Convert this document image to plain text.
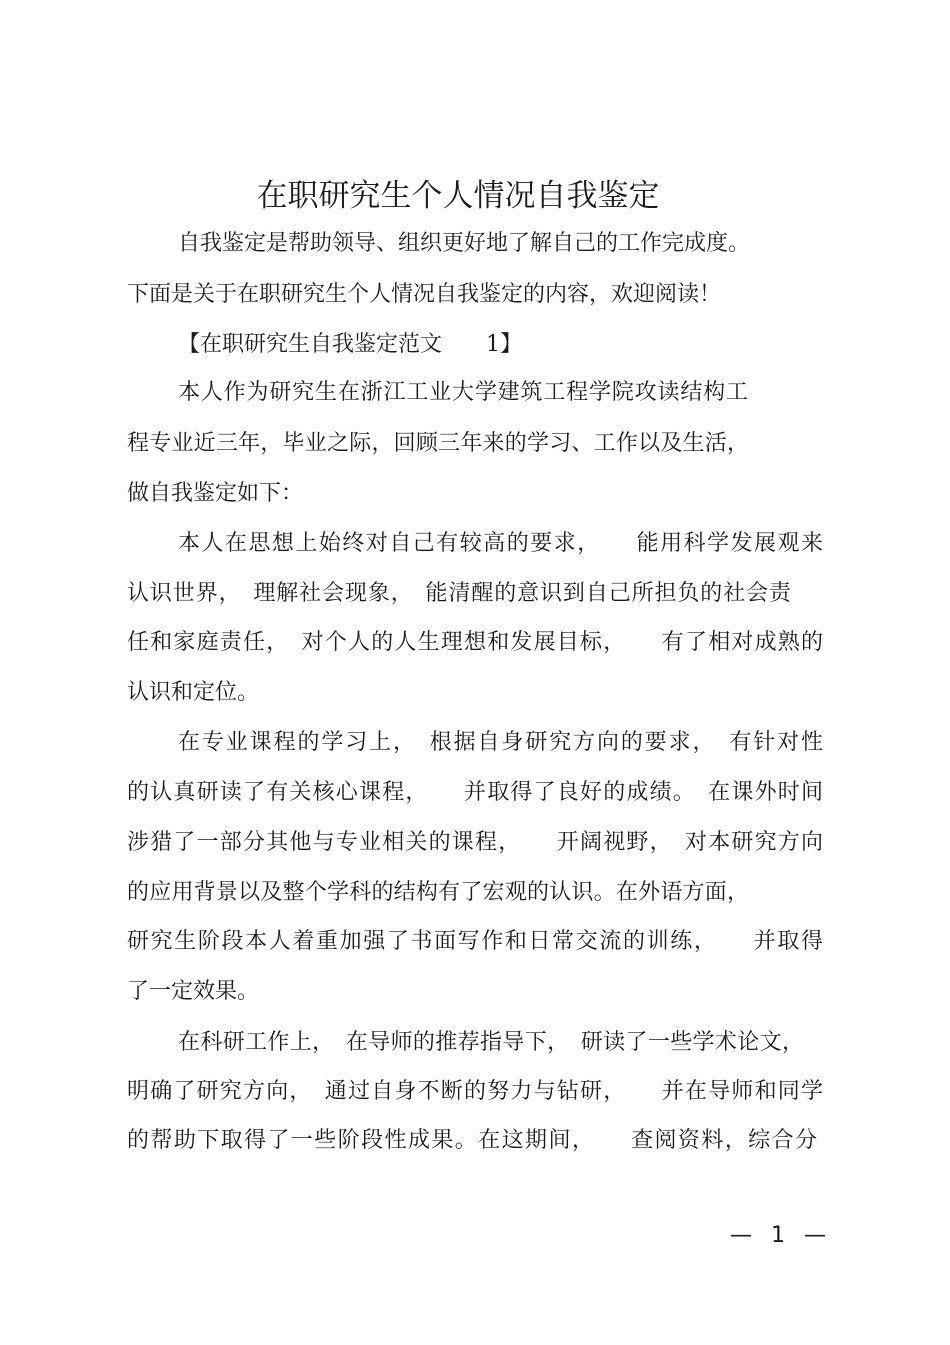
在职研究生个人情况自我鉴定
自我鉴定是帮助领导、组织更好地了解自己的工作完成度。
下面是关于在职研究生个人情况自我鉴定的内容，欢迎阅读！
【在职研究生自我鉴定范文　　1】
本人作为研究生在浙江工业大学建筑工程学院攻读结构工
程专业近三年，毕业之际，回顾三年来的学习、工作以及生活，
做自我鉴定如下：
本人在思想上始终对自己有较高的要求，　　能用科学发展观来
认识世界，　理解社会现象，　能清醒的意识到自己所担负的社会责
任和家庭责任，　对个人的人生理想和发展目标，　　有了相对成熟的
认识和定位。
在专业课程的学习上，　根据自身研究方向的要求，　有针对性
的认真研读了有关核心课程，　　并取得了良好的成绩。　在课外时间
涉猎了一部分其他与专业相关的课程，　　开阔视野，　对本研究方向
的应用背景以及整个学科的结构有了宏观的认识。在外语方面，
研究生阶段本人着重加强了书面写作和日常交流的训练，　　并取得
了一定效果。
在科研工作上，　在导师的推荐指导下，　研读了一些学术论文，
明确了研究方向，　通过自身不断的努力与钻研，　　并在导师和同学
的帮助下取得了一些阶段性成果。在这期间，　　查阅资料，综合分
— 1 —
